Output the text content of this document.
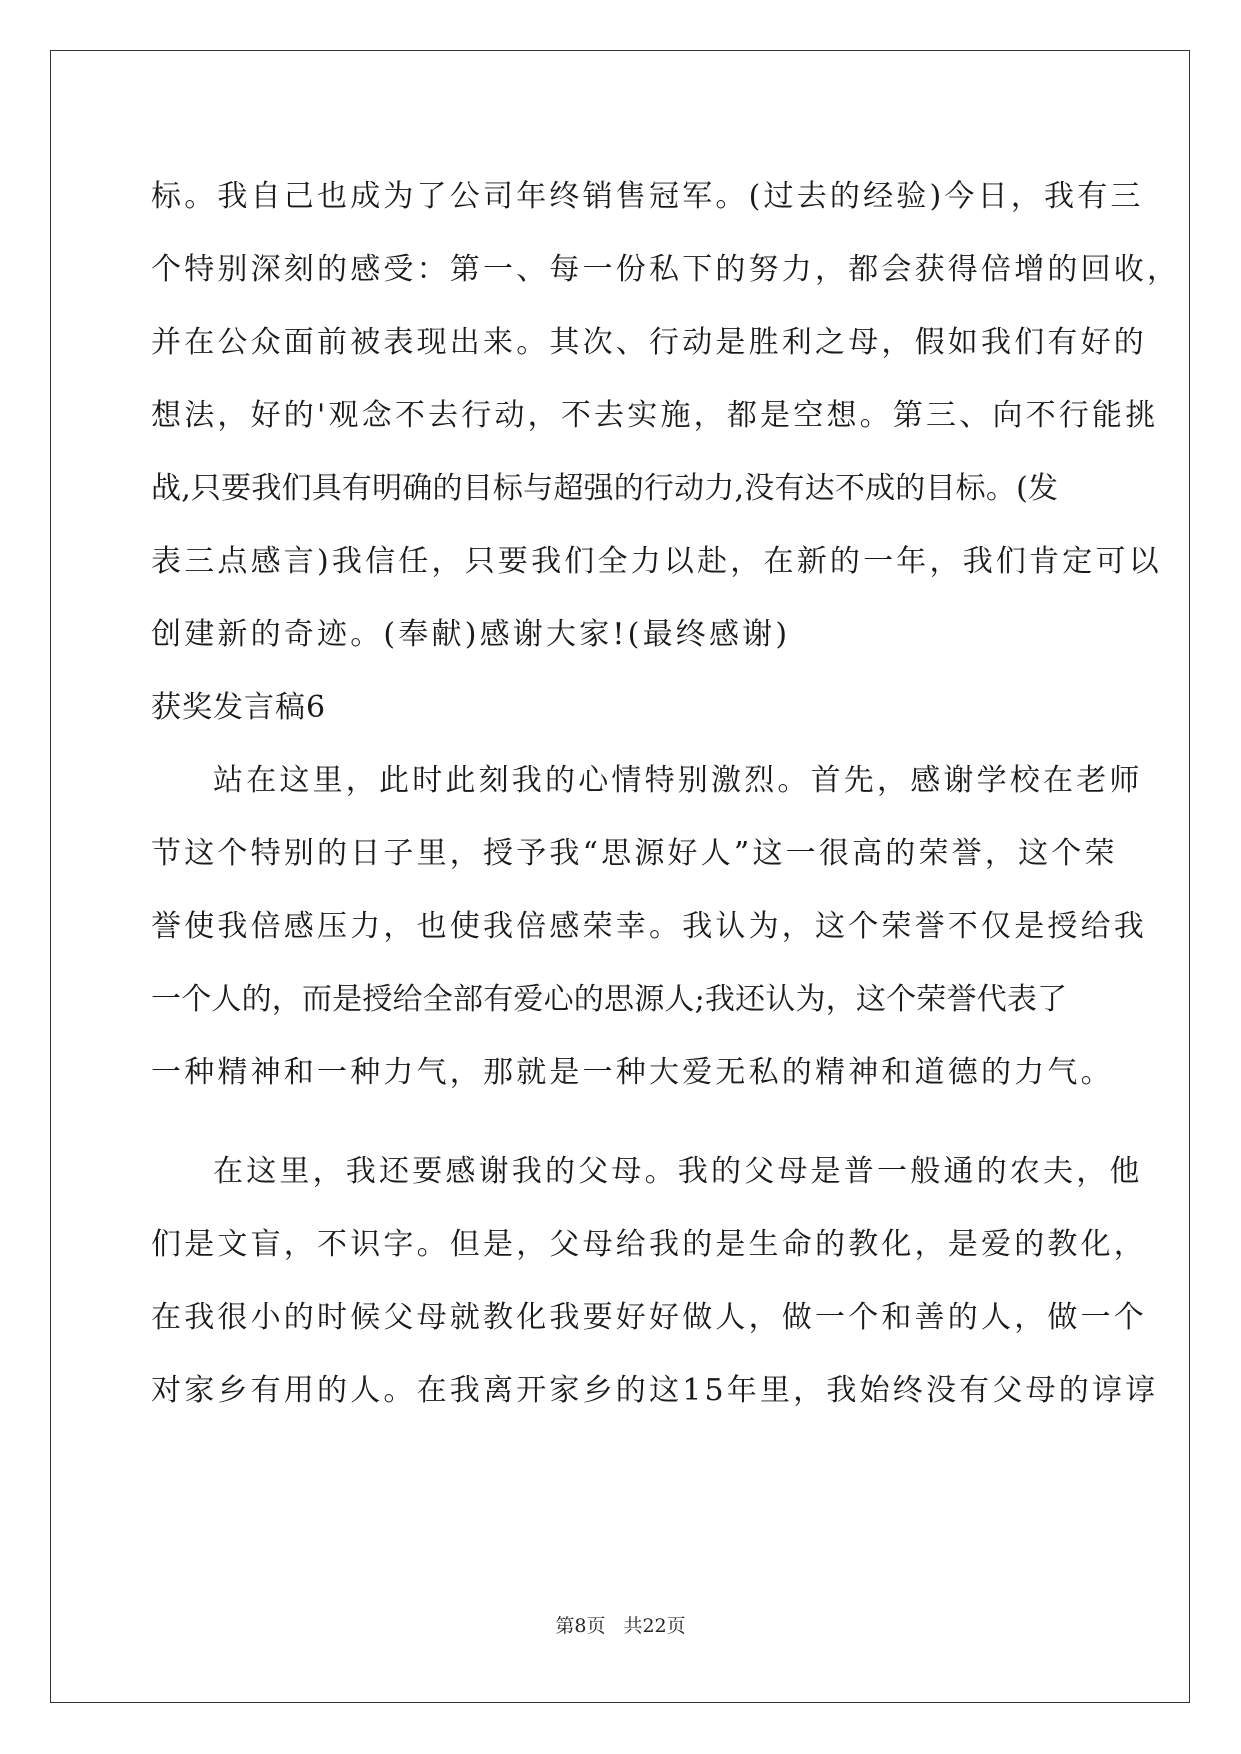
标。我自己也成为了公司年终销售冠军。(过去的经验)今日，我有三

个特别深刻的感受：第一、每一份私下的努力，都会获得倍增的回收，

并在公众面前被表现出来。其次、行动是胜利之母，假如我们有好的

想法，好的'观念不去行动，不去实施，都是空想。第三、向不行能挑

战,只要我们具有明确的目标与超强的行动力,没有达不成的目标。(发

表三点感言)我信任，只要我们全力以赴，在新的一年，我们肯定可以

创建新的奇迹。(奉献)感谢大家!(最终感谢)

获奖发言稿6

站在这里，此时此刻我的心情特别激烈。首先，感谢学校在老师

节这个特别的日子里，授予我“思源好人”这一很高的荣誉，这个荣

誉使我倍感压力，也使我倍感荣幸。我认为，这个荣誉不仅是授给我

一个人的，而是授给全部有爱心的思源人;我还认为，这个荣誉代表了

一种精神和一种力气，那就是一种大爱无私的精神和道德的力气。

在这里，我还要感谢我的父母。我的父母是普一般通的农夫，他

们是文盲，不识字。但是，父母给我的是生命的教化，是爱的教化，

在我很小的时候父母就教化我要好好做人，做一个和善的人，做一个

对家乡有用的人。在我离开家乡的这15年里，我始终没有父母的谆谆

第8页 共22页
